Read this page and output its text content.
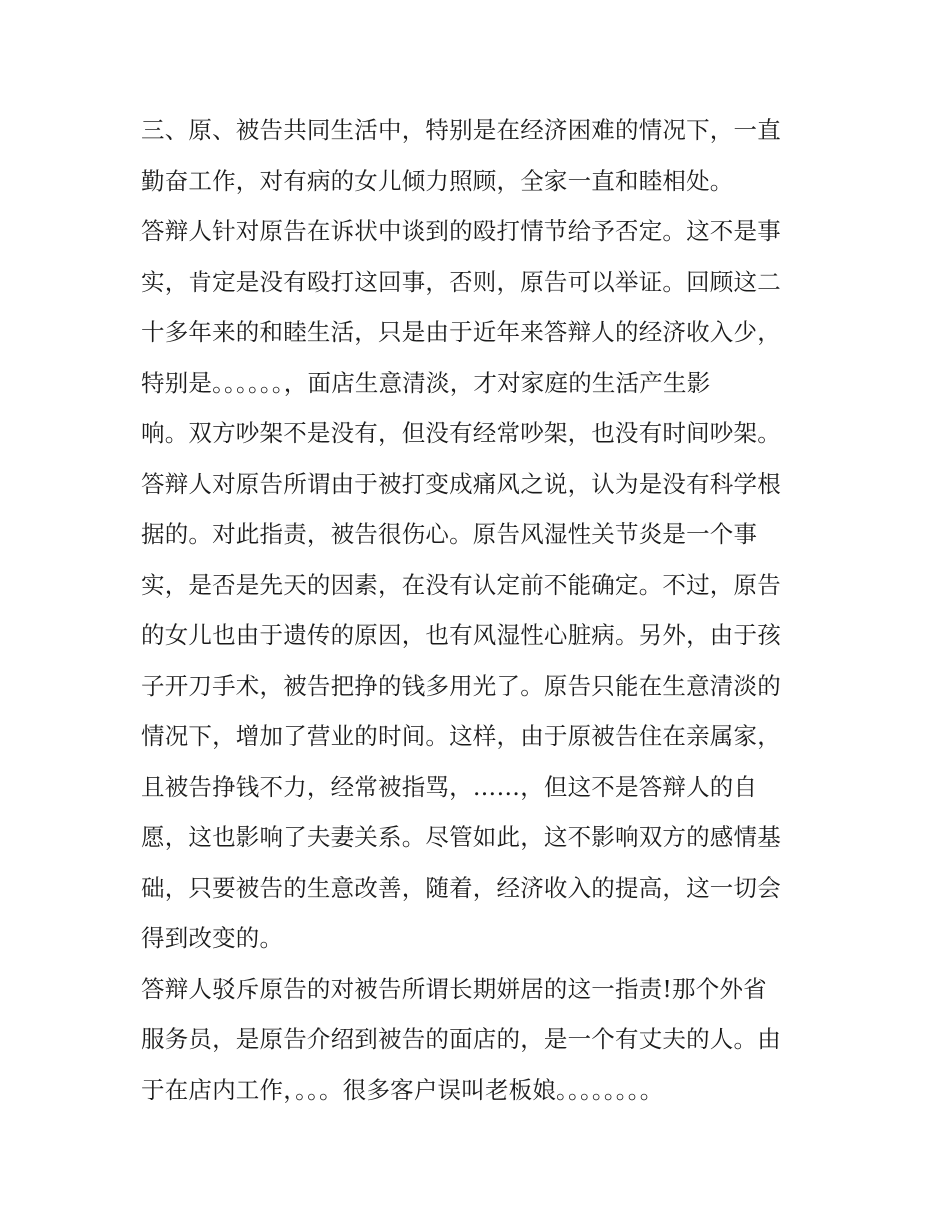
三、原、被告共同生活中，特别是在经济困难的情况下，一直
勤奋工作，对有病的女儿倾力照顾，全家一直和睦相处。
答辩人针对原告在诉状中谈到的殴打情节给予否定。这不是事
实，肯定是没有殴打这回事，否则，原告可以举证。回顾这二
十多年来的和睦生活，只是由于近年来答辩人的经济收入少，
特别是。。。。。。，面店生意清淡，才对家庭的生活产生影
响。双方吵架不是没有，但没有经常吵架，也没有时间吵架。
答辩人对原告所谓由于被打变成痛风之说，认为是没有科学根
据的。对此指责，被告很伤心。原告风湿性关节炎是一个事
实，是否是先天的因素，在没有认定前不能确定。不过，原告
的女儿也由于遗传的原因，也有风湿性心脏病。另外，由于孩
子开刀手术，被告把挣的钱多用光了。原告只能在生意清淡的
情况下，增加了营业的时间。这样，由于原被告住在亲属家，
且被告挣钱不力，经常被指骂，……，但这不是答辩人的自
愿，这也影响了夫妻关系。尽管如此，这不影响双方的感情基
础，只要被告的生意改善，随着，经济收入的提高，这一切会
得到改变的。
答辩人驳斥原告的对被告所谓长期姘居的这一指责!那个外省
服务员，是原告介绍到被告的面店的，是一个有丈夫的人。由
于在店内工作，。。。很多客户误叫老板娘。。。。。。。。
